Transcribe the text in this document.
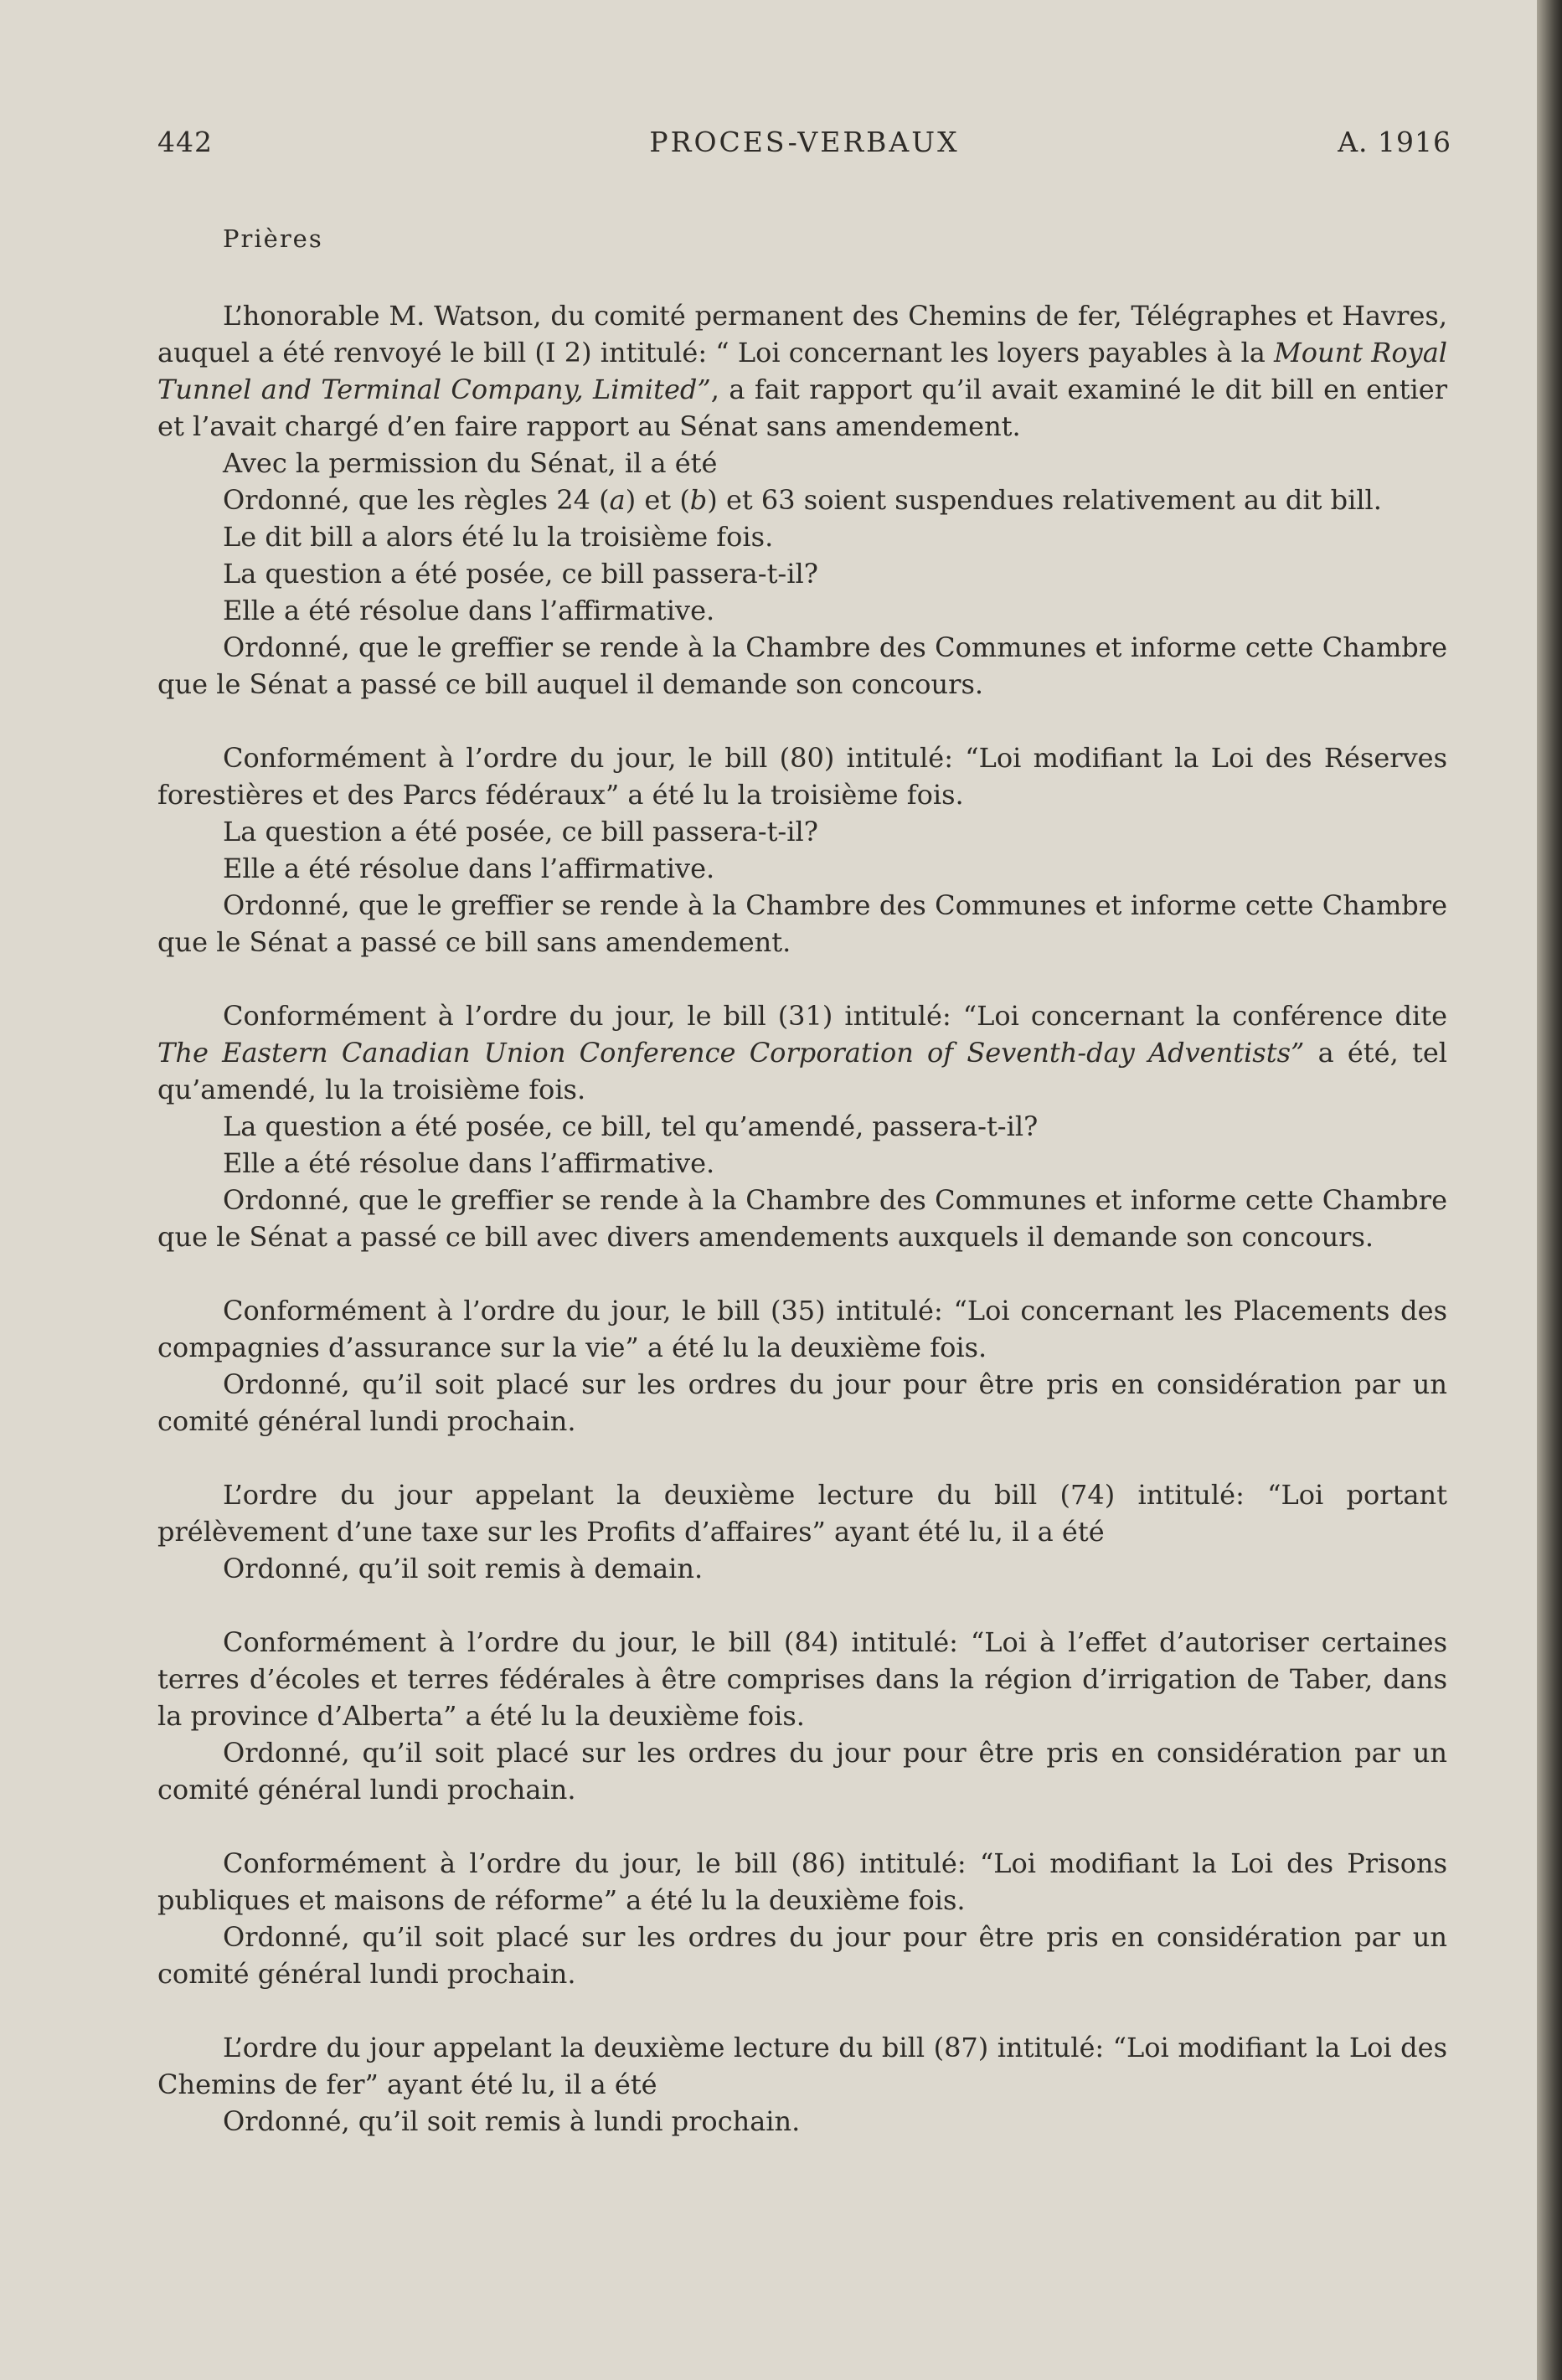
442	PROCES-VERBAUX	A. 1916
Prières

L’honorable M. Watson, du comité permanent des Chemins de fer, Télégraphes et Havres, auquel a été renvoyé le bill (I 2) intitulé: “ Loi concernant les loyers payables à la Mount Royal Tunnel and Terminal Company, Limited”, a fait rapport qu’il avait examiné le dit bill en entier et l’avait chargé d’en faire rapport au Sénat sans amendement.

Avec la permission du Sénat, il a été

Ordonné, que les règles 24 (a) et (b) et 63 soient suspendues relativement au dit bill.

Le dit bill a alors été lu la troisième fois.

La question a été posée, ce bill passera-t-il?

Elle a été résolue dans l’affirmative.

Ordonné, que le greffier se rende à la Chambre des Communes et informe cette Chambre que le Sénat a passé ce bill auquel il demande son concours.

Conformément à l’ordre du jour, le bill (80) intitulé: “Loi modifiant la Loi des Réserves forestières et des Parcs fédéraux” a été lu la troisième fois.

La question a été posée, ce bill passera-t-il?

Elle a été résolue dans l’affirmative.

Ordonné, que le greffier se rende à la Chambre des Communes et informe cette Chambre que le Sénat a passé ce bill sans amendement.

Conformément à l’ordre du jour, le bill (31) intitulé: “Loi concernant la conférence dite The Eastern Canadian Union Conference Corporation of Seventh-day Adventists” a été, tel qu’amendé, lu la troisième fois.

La question a été posée, ce bill, tel qu’amendé, passera-t-il?

Elle a été résolue dans l’affirmative.

Ordonné, que le greffier se rende à la Chambre des Communes et informe cette Chambre que le Sénat a passé ce bill avec divers amendements auxquels il demande son concours.

Conformément à l’ordre du jour, le bill (35) intitulé: “Loi concernant les Placements des compagnies d’assurance sur la vie” a été lu la deuxième fois.

Ordonné, qu’il soit placé sur les ordres du jour pour être pris en considération par un comité général lundi prochain.

L’ordre du jour appelant la deuxième lecture du bill (74) intitulé: “Loi portant prélèvement d’une taxe sur les Profits d’affaires” ayant été lu, il a été

Ordonné, qu’il soit remis à demain.

Conformément à l’ordre du jour, le bill (84) intitulé: “Loi à l’effet d’autoriser certaines terres d’écoles et terres fédérales à être comprises dans la région d’irrigation de Taber, dans la province d’Alberta” a été lu la deuxième fois.

Ordonné, qu’il soit placé sur les ordres du jour pour être pris en considération par un comité général lundi prochain.

Conformément à l’ordre du jour, le bill (86) intitulé: “Loi modifiant la Loi des Prisons publiques et maisons de réforme” a été lu la deuxième fois.

Ordonné, qu’il soit placé sur les ordres du jour pour être pris en considération par un comité général lundi prochain.

L’ordre du jour appelant la deuxième lecture du bill (87) intitulé: “Loi modifiant la Loi des Chemins de fer” ayant été lu, il a été

Ordonné, qu’il soit remis à lundi prochain.
